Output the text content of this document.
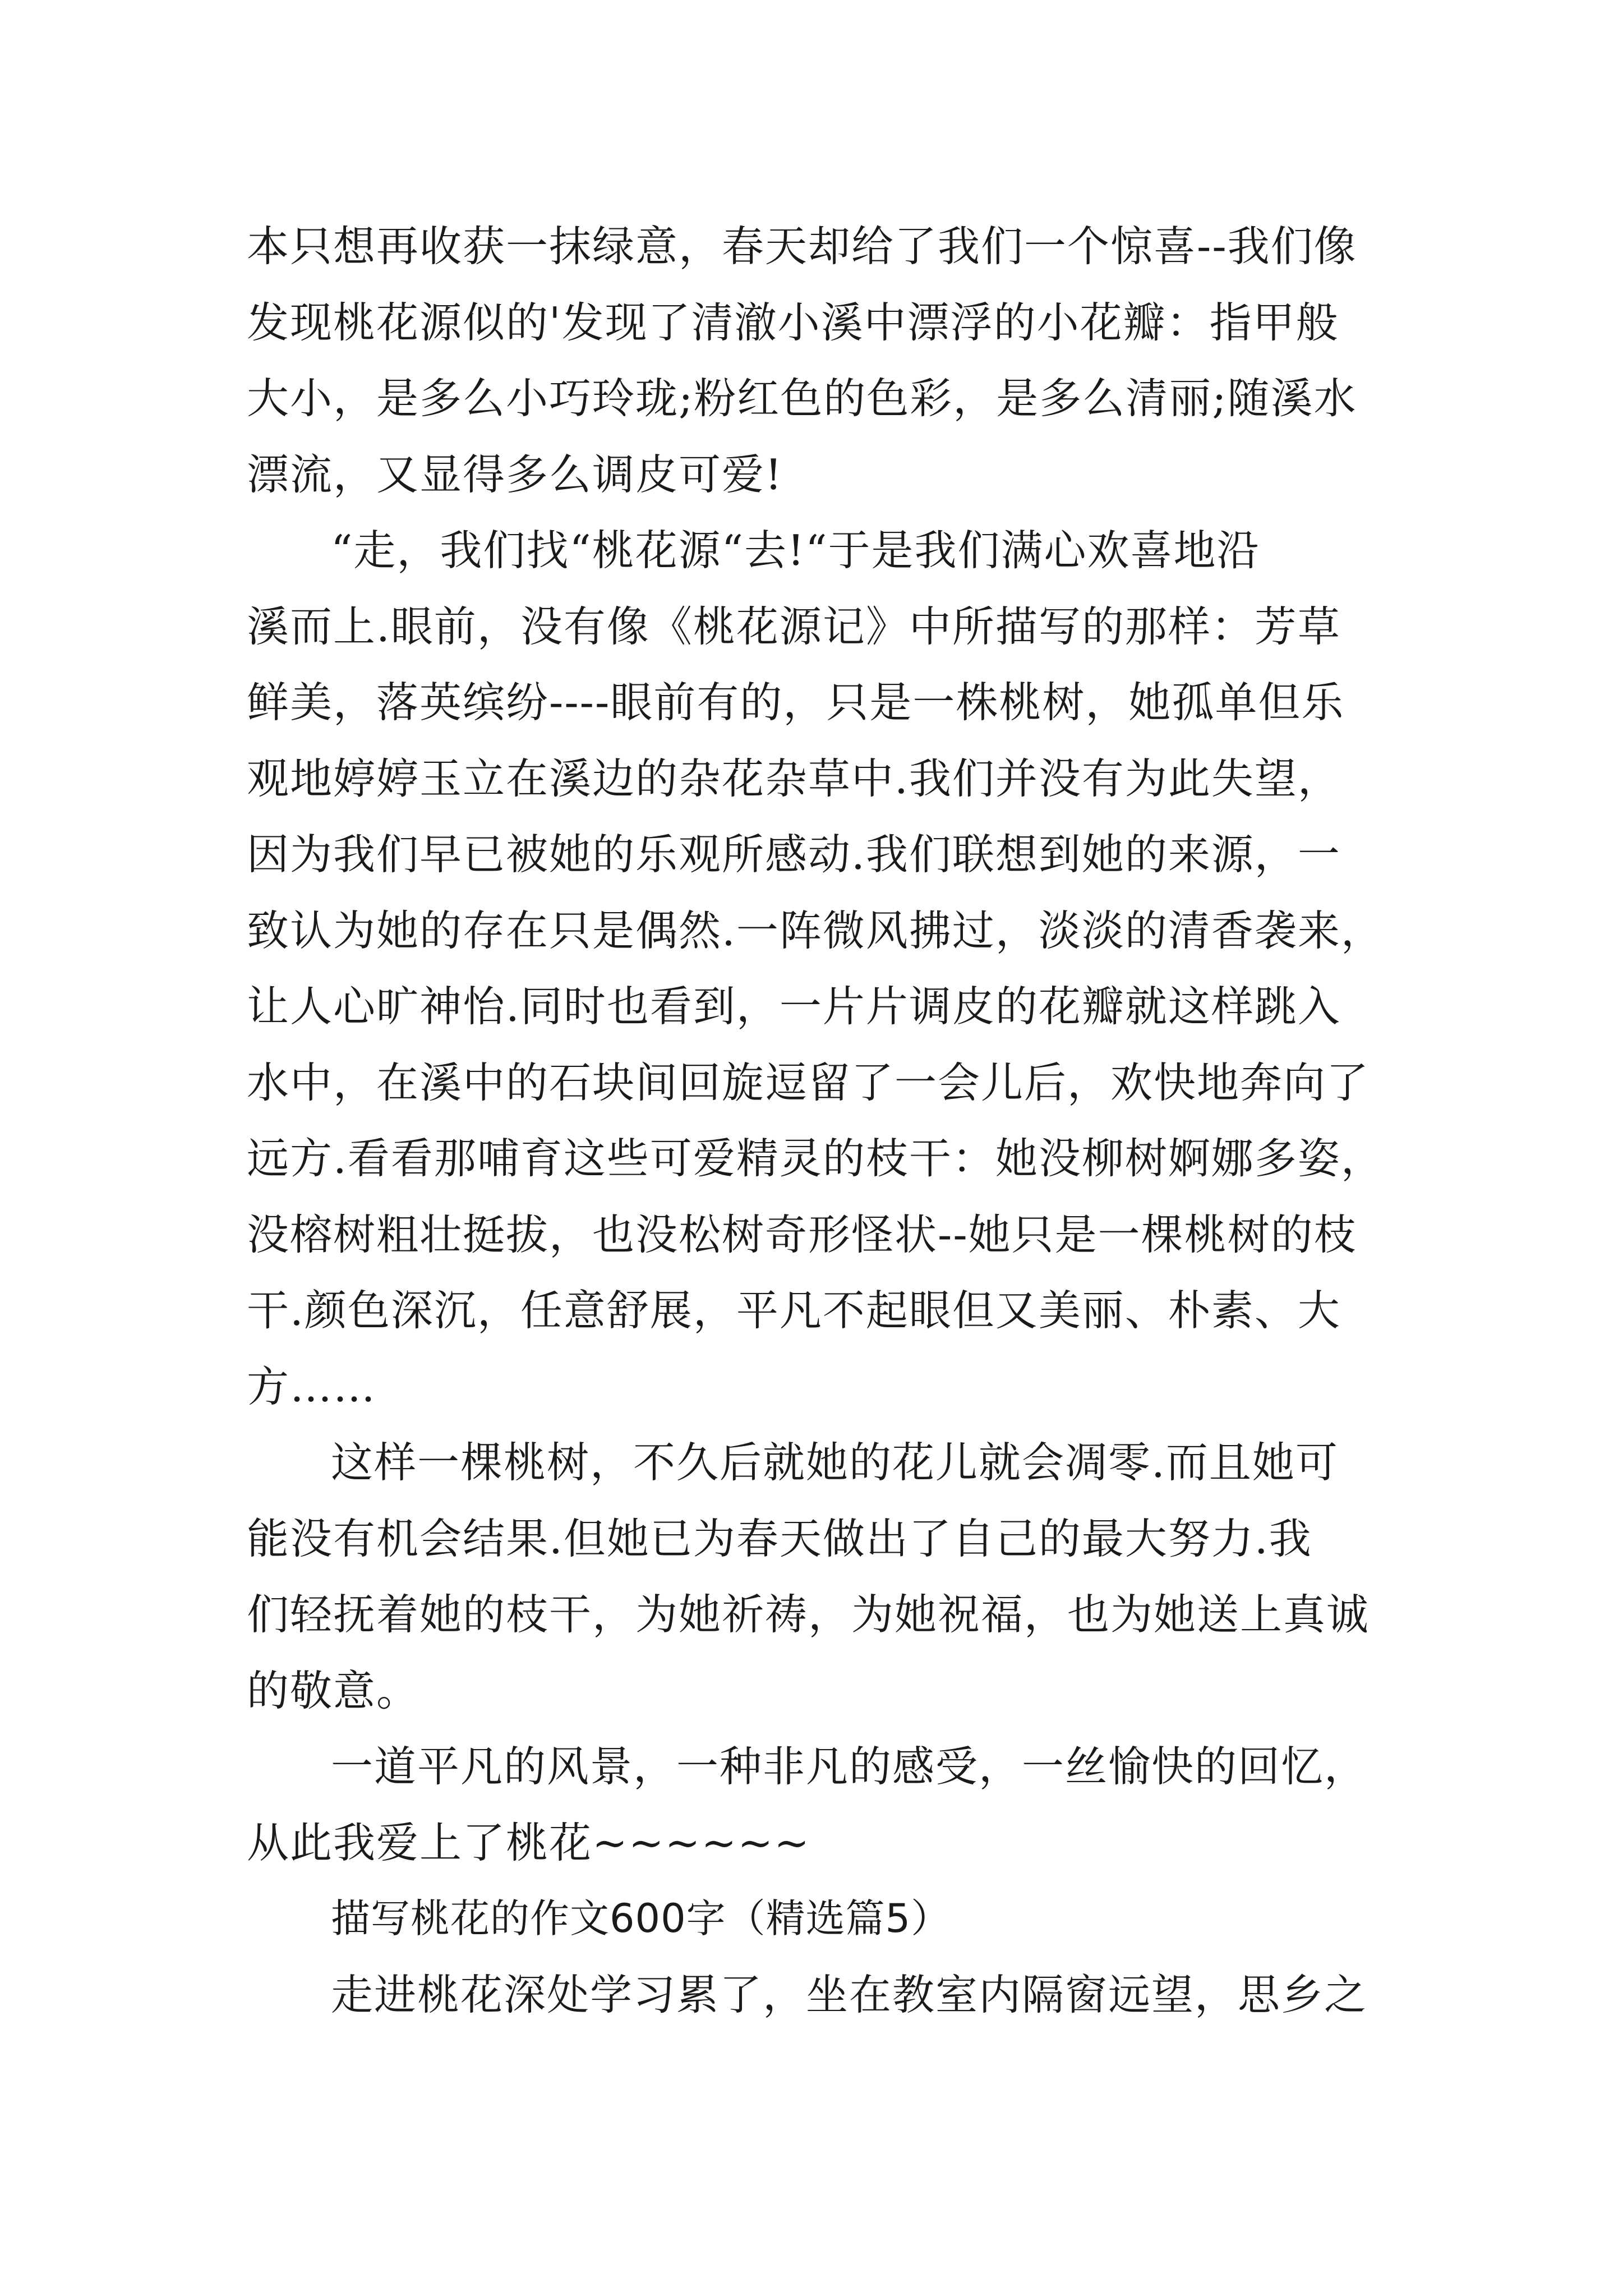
本只想再收获一抹绿意，春天却给了我们一个惊喜--我们像
发现桃花源似的'发现了清澈小溪中漂浮的小花瓣：指甲般
大小，是多么小巧玲珑;粉红色的色彩，是多么清丽;随溪水
漂流，又显得多么调皮可爱!
“走，我们找“桃花源“去!“于是我们满心欢喜地沿
溪而上.眼前，没有像《桃花源记》中所描写的那样：芳草
鲜美，落英缤纷----眼前有的，只是一株桃树，她孤单但乐
观地婷婷玉立在溪边的杂花杂草中.我们并没有为此失望，
因为我们早已被她的乐观所感动.我们联想到她的来源，一
致认为她的存在只是偶然.一阵微风拂过，淡淡的清香袭来，
让人心旷神怡.同时也看到，一片片调皮的花瓣就这样跳入
水中，在溪中的石块间回旋逗留了一会儿后，欢快地奔向了
远方.看看那哺育这些可爱精灵的枝干：她没柳树婀娜多姿，
没榕树粗壮挺拔，也没松树奇形怪状--她只是一棵桃树的枝
干.颜色深沉，任意舒展，平凡不起眼但又美丽、朴素、大
方……
这样一棵桃树，不久后就她的花儿就会凋零.而且她可
能没有机会结果.但她已为春天做出了自己的最大努力.我
们轻抚着她的枝干，为她祈祷，为她祝福，也为她送上真诚
的敬意。
一道平凡的风景，一种非凡的感受，一丝愉快的回忆，
从此我爱上了桃花~~~~~~
描写桃花的作文600字（精选篇5）
走进桃花深处学习累了，坐在教室内隔窗远望，思乡之
